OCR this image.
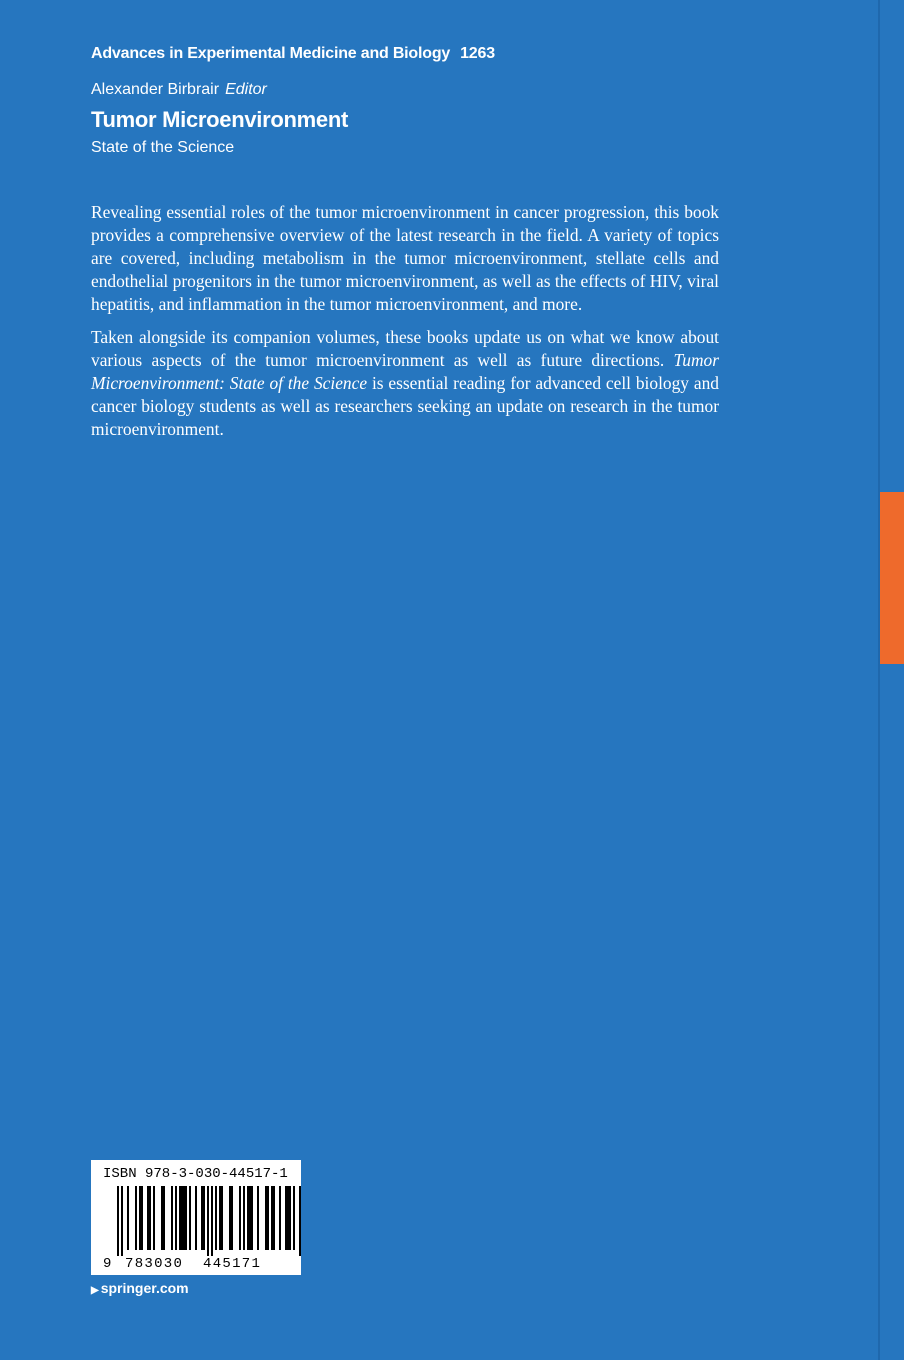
Advances in Experimental Medicine and Biology 1263
Alexander Birbrair Editor
Tumor Microenvironment
State of the Science

Revealing essential roles of the tumor microenvironment in cancer progression, this book provides a comprehensive overview of the latest research in the field. A variety of topics are covered, including metabolism in the tumor microenvironment, stellate cells and endothelial progenitors in the tumor microenvironment, as well as the effects of HIV, viral hepatitis, and inflammation in the tumor microenvironment, and more.

Taken alongside its companion volumes, these books update us on what we know about various aspects of the tumor microenvironment as well as future directions. Tumor Microenvironment: State of the Science is essential reading for advanced cell biology and cancer biology students as well as researchers seeking an update on research in the tumor microenvironment.

ISBN 978-3-030-44517-1
9 783030 445171
▶ springer.com
